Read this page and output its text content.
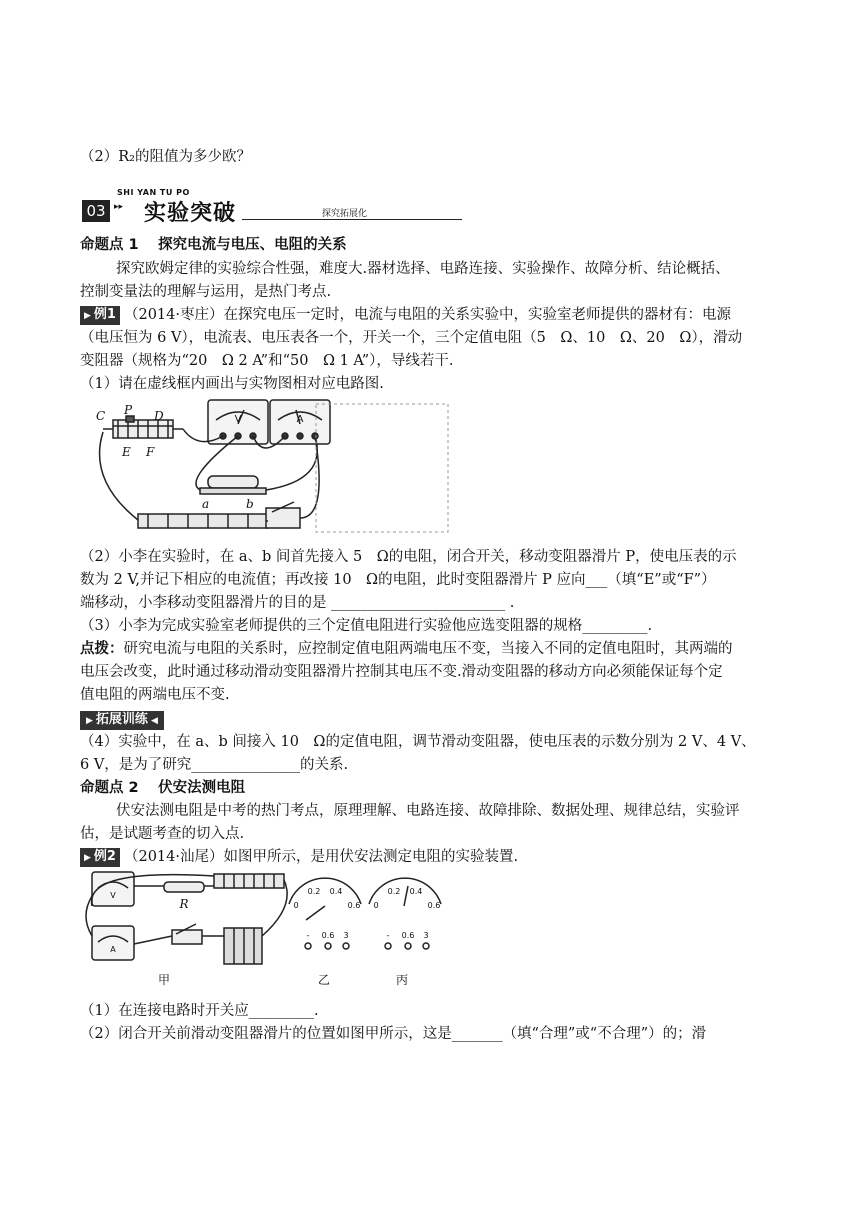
（2）R₂的阻值为多少欧？
SHI YAN TU PO
03 ▸▸ 实验突破	探究拓展化
命题点 1　 探究电流与电压、电阻的关系
探究欧姆定律的实验综合性强，难度大.器材选择、电路连接、实验操作、故障分析、结论概括、
控制变量法的理解与运用，是热门考点.
▶ 例1 （2014·枣庄）在探究电压一定时，电流与电阻的关系实验中，实验室老师提供的器材有：电源
（电压恒为 6 V），电流表、电压表各一个，开关一个，三个定值电阻（5　Ω、10　Ω、20　Ω），滑动
变阻器（规格为“20　Ω 2 A”和“50　Ω 1 A”），导线若干.
（1）请在虚线框内画出与实物图相对应电路图.
C P D
E F
a	b
V	A
（2）小李在实验时，在 a、b 间首先接入 5　Ω的电阻，闭合开关，移动变阻器滑片 P，使电压表的示
数为 2 V,并记下相应的电流值；再改接 10　Ω的电阻，此时变阻器滑片 P 应向___（填“E”或“F”）
端移动，小李移动变阻器滑片的目的是 ________________________ .
（3）小李为完成实验室老师提供的三个定值电阻进行实验他应选变阻器的规格_________.
点拨：研究电流与电阻的关系时，应控制定值电阻两端电压不变，当接入不同的定值电阻时，其两端的
电压会改变，此时通过移动滑动变阻器滑片控制其电压不变.滑动变阻器的移动方向必须能保证每个定
值电阻的两端电压不变.
▶ 拓展训练 ◀
（4）实验中，在 a、b 间接入 10　Ω的定值电阻，调节滑动变阻器，使电压表的示数分别为 2 V、4 V、
6 V，是为了研究_______________的关系.
命题点 2　 伏安法测电阻
伏安法测电阻是中考的热门考点，原理理解、电路连接、故障排除、数据处理、规律总结，实验评
估，是试题考查的切入点.
▶ 例2 （2014·汕尾）如图甲所示，是用伏安法测定电阻的实验装置.
V
A
0
0.2 0.4
0.6 0
0.2 0.4
0.6
- 0.6 3	- 0.6 3
R
甲	乙	丙
（1）在连接电路时开关应_________.
（2）闭合开关前滑动变阻器滑片的位置如图甲所示，这是_______（填“合理”或“不合理”）的；滑
